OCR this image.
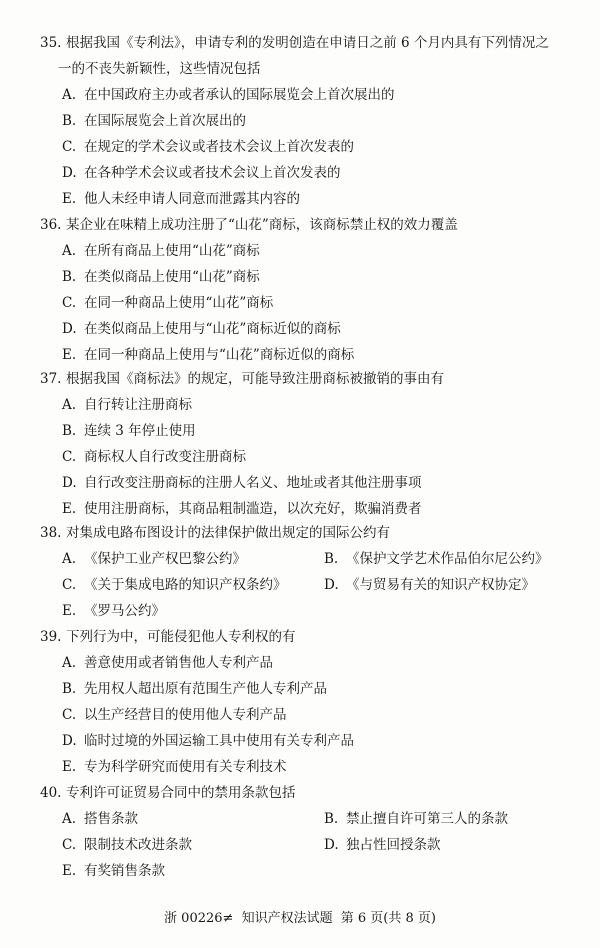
35. 根据我国《专利法》，申请专利的发明创造在申请日之前 6 个月内具有下列情况之
一的不丧失新颖性，这些情况包括
A. 在中国政府主办或者承认的国际展览会上首次展出的
B. 在国际展览会上首次展出的
C. 在规定的学术会议或者技术会议上首次发表的
D. 在各种学术会议或者技术会议上首次发表的
E. 他人未经申请人同意而泄露其内容的
36. 某企业在味精上成功注册了“山花”商标，该商标禁止权的效力覆盖
A. 在所有商品上使用“山花”商标
B. 在类似商品上使用“山花”商标
C. 在同一种商品上使用“山花”商标
D. 在类似商品上使用与“山花”商标近似的商标
E. 在同一种商品上使用与“山花”商标近似的商标
37. 根据我国《商标法》的规定，可能导致注册商标被撤销的事由有
A. 自行转让注册商标
B. 连续 3 年停止使用
C. 商标权人自行改变注册商标
D. 自行改变注册商标的注册人名义、地址或者其他注册事项
E. 使用注册商标，其商品粗制滥造，以次充好，欺骗消费者
38. 对集成电路布图设计的法律保护做出规定的国际公约有
A. 《保护工业产权巴黎公约》	B. 《保护文学艺术作品伯尔尼公约》
C. 《关于集成电路的知识产权条约》	D. 《与贸易有关的知识产权协定》
E. 《罗马公约》
39. 下列行为中，可能侵犯他人专利权的有
A. 善意使用或者销售他人专利产品
B. 先用权人超出原有范围生产他人专利产品
C. 以生产经营目的使用他人专利产品
D. 临时过境的外国运输工具中使用有关专利产品
E. 专为科学研究而使用有关专利技术
40. 专利许可证贸易合同中的禁用条款包括
A. 搭售条款	B. 禁止擅自许可第三人的条款
C. 限制技术改进条款	D. 独占性回授条款
E. 有奖销售条款
浙 00226≠ 知识产权法试题 第 6 页(共 8 页)
